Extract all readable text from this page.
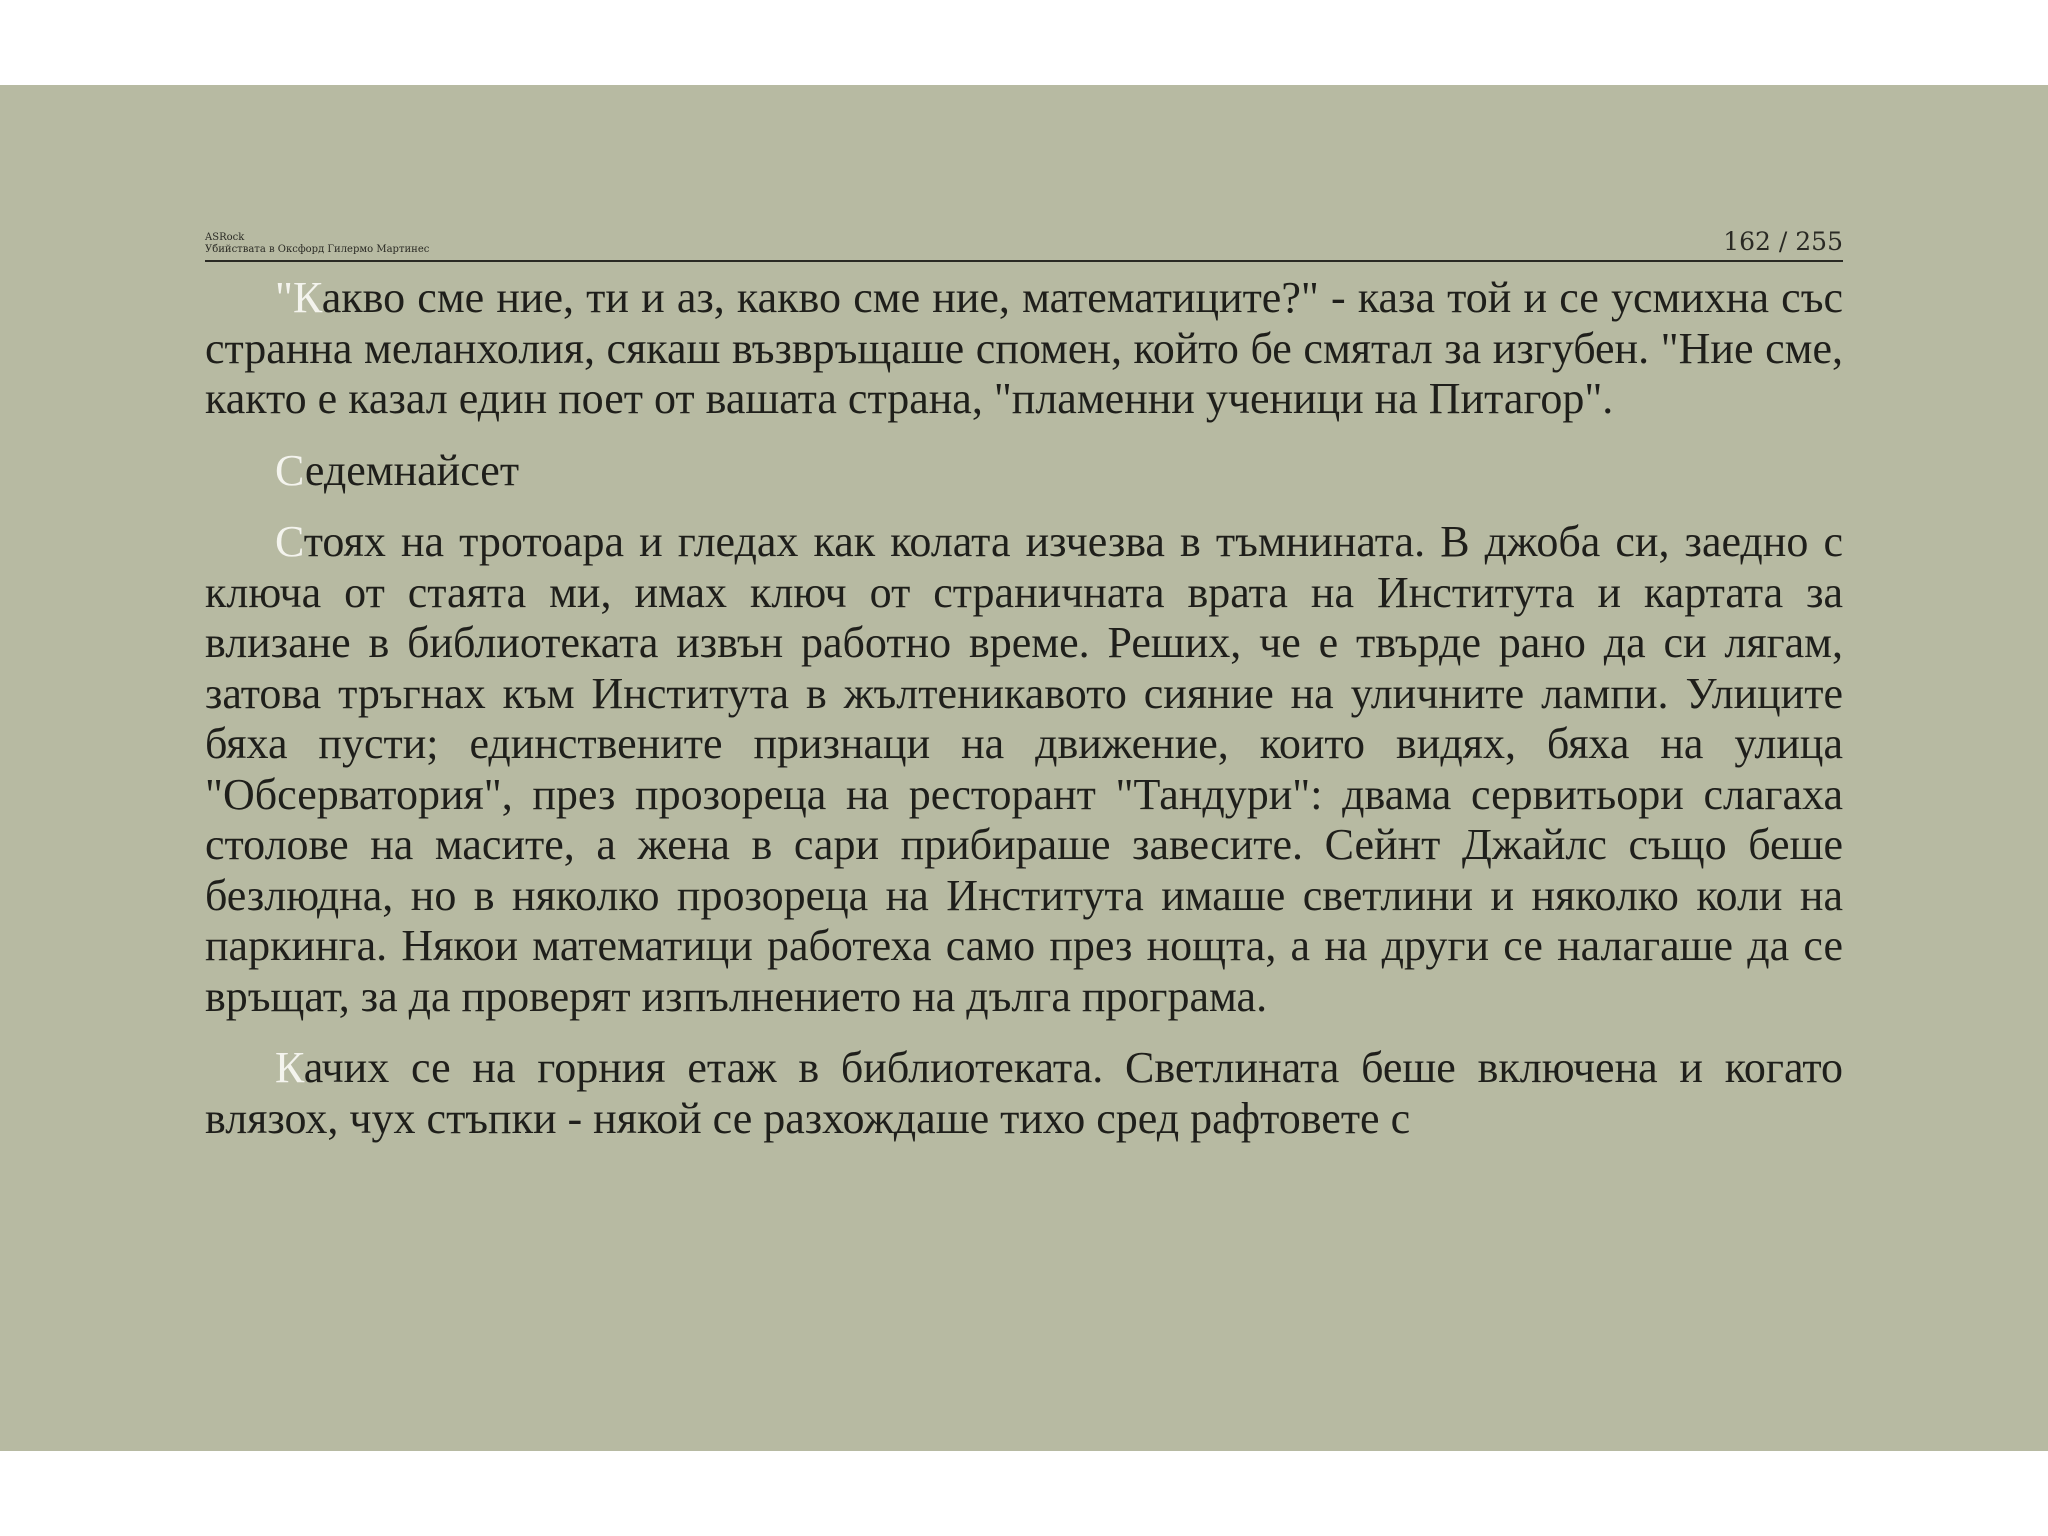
ASRock
Убийствата в Оксфорд Гилермо Мартинес	162 / 255

"Какво сме ние, ти и аз, какво сме ние, математиците?" - каза той и се усмихна със странна меланхолия, сякаш възвръщаше спомен, който бе смятал за изгубен. "Ние сме, както е казал един поет от вашата страна, "пламенни ученици на Питагор".

Седемнайсет

Стоях на тротоара и гледах как колата изчезва в тъмнината. В джоба си, заедно с ключа от стаята ми, имах ключ от страничната врата на Института и картата за влизане в библиотеката извън работно време. Реших, че е твърде рано да си лягам, затова тръгнах към Института в жълтеникавото сияние на уличните лампи. Улиците бяха пусти; единствените признаци на движение, които видях, бяха на улица "Обсерватория", през прозореца на ресторант "Тандури": двама сервитьори слагаха столове на масите, а жена в сари прибираше завесите. Сейнт Джайлс също беше безлюдна, но в няколко прозореца на Института имаше светлини и няколко коли на паркинга. Някои математици работеха само през нощта, а на други се налагаше да се връщат, за да проверят изпълнението на дълга програма.

Качих се на горния етаж в библиотеката. Светлината беше включена и когато влязох, чух стъпки - някой се разхождаше тихо сред рафтовете с
